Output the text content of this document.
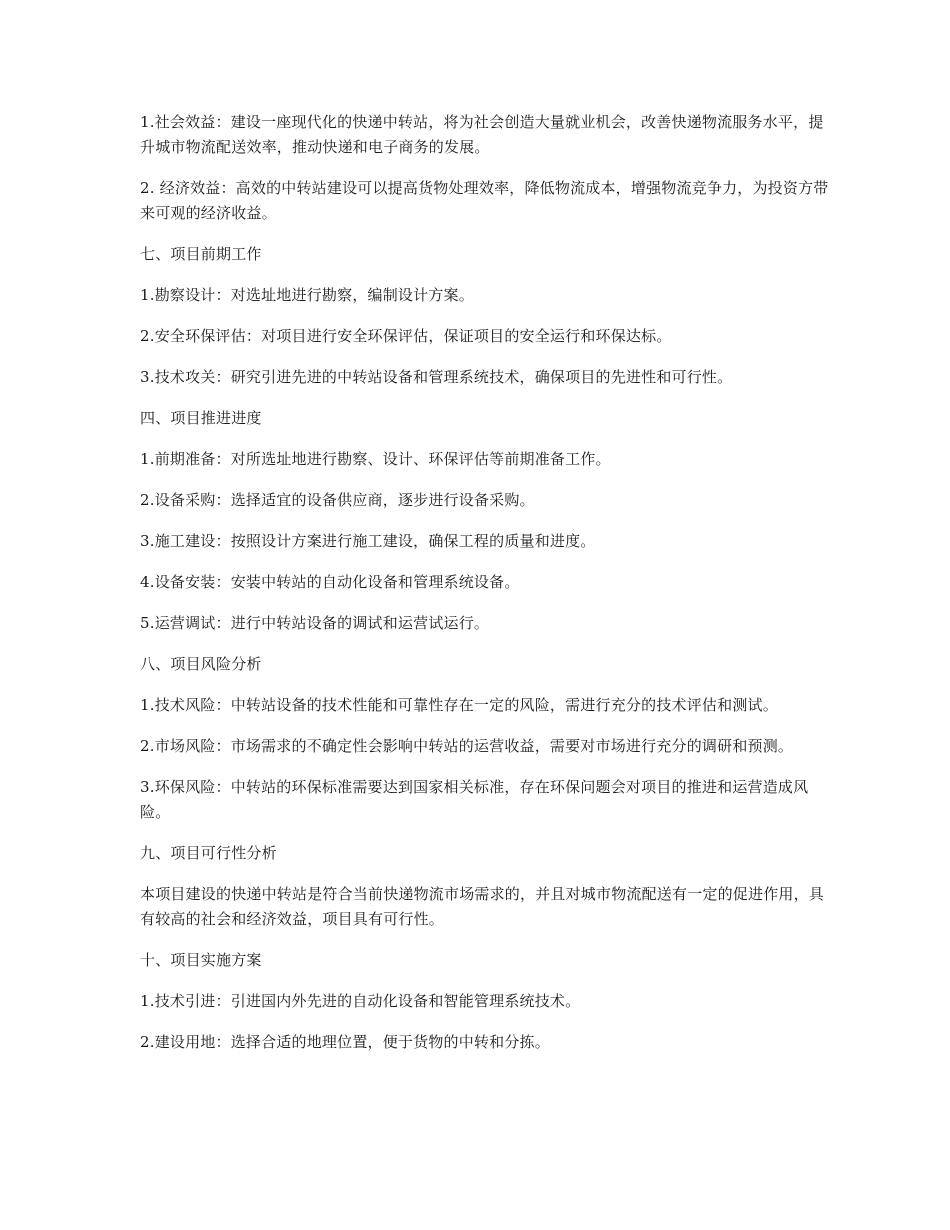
1.社会效益：建设一座现代化的快递中转站，将为社会创造大量就业机会，改善快递物流服务水平，提升城市物流配送效率，推动快递和电子商务的发展。

2. 经济效益：高效的中转站建设可以提高货物处理效率，降低物流成本，增强物流竞争力，为投资方带来可观的经济收益。

七、项目前期工作

1.勘察设计：对选址地进行勘察，编制设计方案。

2.安全环保评估：对项目进行安全环保评估，保证项目的安全运行和环保达标。

3.技术攻关：研究引进先进的中转站设备和管理系统技术，确保项目的先进性和可行性。

四、项目推进进度

1.前期准备：对所选址地进行勘察、设计、环保评估等前期准备工作。

2.设备采购：选择适宜的设备供应商，逐步进行设备采购。

3.施工建设：按照设计方案进行施工建设，确保工程的质量和进度。

4.设备安装：安装中转站的自动化设备和管理系统设备。

5.运营调试：进行中转站设备的调试和运营试运行。

八、项目风险分析

1.技术风险：中转站设备的技术性能和可靠性存在一定的风险，需进行充分的技术评估和测试。

2.市场风险：市场需求的不确定性会影响中转站的运营收益，需要对市场进行充分的调研和预测。

3.环保风险：中转站的环保标准需要达到国家相关标准，存在环保问题会对项目的推进和运营造成风险。

九、项目可行性分析

本项目建设的快递中转站是符合当前快递物流市场需求的，并且对城市物流配送有一定的促进作用，具有较高的社会和经济效益，项目具有可行性。

十、项目实施方案

1.技术引进：引进国内外先进的自动化设备和智能管理系统技术。

2.建设用地：选择合适的地理位置，便于货物的中转和分拣。
